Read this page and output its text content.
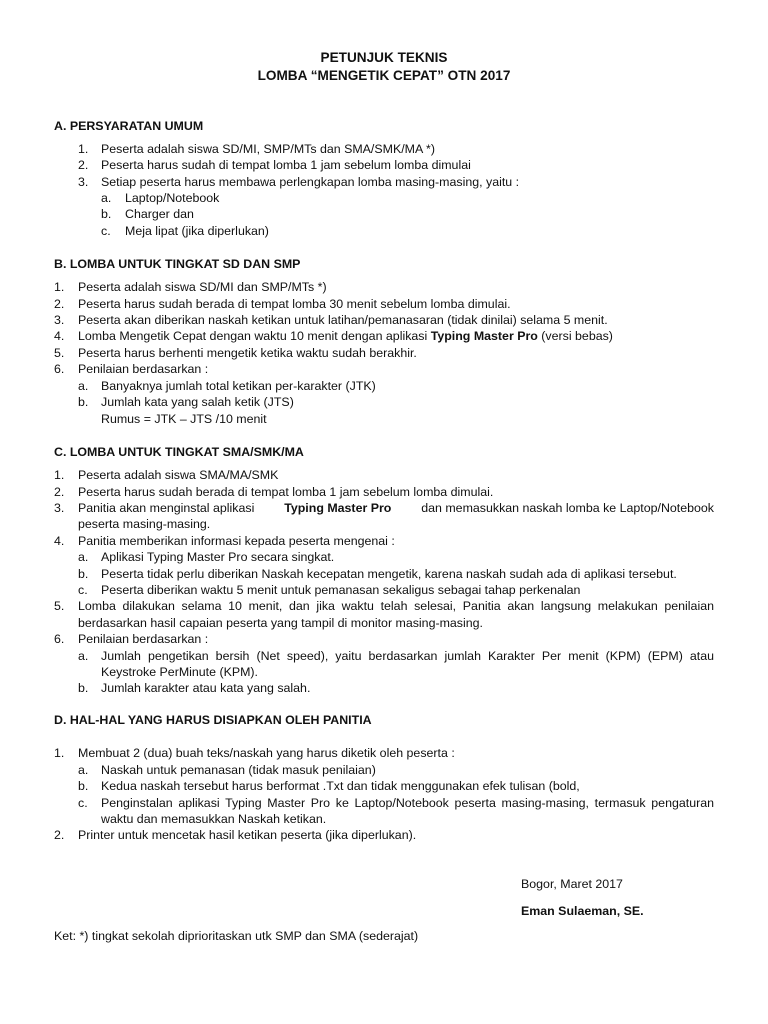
PETUNJUK TEKNIS
LOMBA “MENGETIK CEPAT” OTN 2017
A. PERSYARATAN UMUM
1. Peserta adalah siswa SD/MI, SMP/MTs dan SMA/SMK/MA *)
2. Peserta harus sudah di tempat lomba 1 jam sebelum lomba dimulai
3. Setiap peserta harus membawa perlengkapan lomba masing-masing, yaitu :
a. Laptop/Notebook
b. Charger dan
c. Meja lipat (jika diperlukan)
B. LOMBA UNTUK TINGKAT SD DAN SMP
1. Peserta adalah siswa SD/MI dan SMP/MTs *)
2. Peserta harus sudah berada di tempat lomba 30 menit sebelum lomba dimulai.
3. Peserta akan diberikan naskah ketikan untuk latihan/pemanasaran (tidak dinilai) selama 5 menit.
4. Lomba Mengetik Cepat dengan waktu 10 menit dengan aplikasi Typing Master Pro (versi bebas)
5. Peserta harus berhenti mengetik ketika waktu sudah berakhir.
6. Penilaian berdasarkan :
a. Banyaknya jumlah total ketikan per-karakter (JTK)
b. Jumlah kata yang salah ketik (JTS)
Rumus = JTK – JTS /10 menit
C. LOMBA UNTUK TINGKAT SMA/SMK/MA
1. Peserta adalah siswa SMA/MA/SMK
2. Peserta harus sudah berada di tempat lomba 1 jam sebelum lomba dimulai.
3. Panitia akan menginstal aplikasi Typing Master Pro dan memasukkan naskah lomba ke Laptop/Notebook
peserta masing-masing.
4. Panitia memberikan informasi kepada peserta mengenai :
a. Aplikasi Typing Master Pro secara singkat.
b. Peserta tidak perlu diberikan Naskah kecepatan mengetik, karena naskah sudah ada di aplikasi tersebut.
c. Peserta diberikan waktu 5 menit untuk pemanasan sekaligus sebagai tahap perkenalan
5. Lomba dilakukan selama 10 menit, dan jika waktu telah selesai, Panitia akan langsung melakukan penilaian
berdasarkan hasil capaian peserta yang tampil di monitor masing-masing.
6. Penilaian berdasarkan :
a. Jumlah pengetikan bersih (Net speed), yaitu berdasarkan jumlah Karakter Per menit (KPM) (EPM) atau
Keystroke PerMinute (KPM).
b. Jumlah karakter atau kata yang salah.
D. HAL-HAL YANG HARUS DISIAPKAN OLEH PANITIA
1. Membuat 2 (dua) buah teks/naskah yang harus diketik oleh peserta :
a. Naskah untuk pemanasan (tidak masuk penilaian)
b. Kedua naskah tersebut harus berformat .Txt dan tidak menggunakan efek tulisan (bold,
c. Penginstalan aplikasi Typing Master Pro ke Laptop/Notebook peserta masing-masing, termasuk pengaturan
waktu dan memasukkan Naskah ketikan.
2. Printer untuk mencetak hasil ketikan peserta (jika diperlukan).
Bogor, Maret 2017
Eman Sulaeman, SE.
Ket: *) tingkat sekolah diprioritaskan utk SMP dan SMA (sederajat)
